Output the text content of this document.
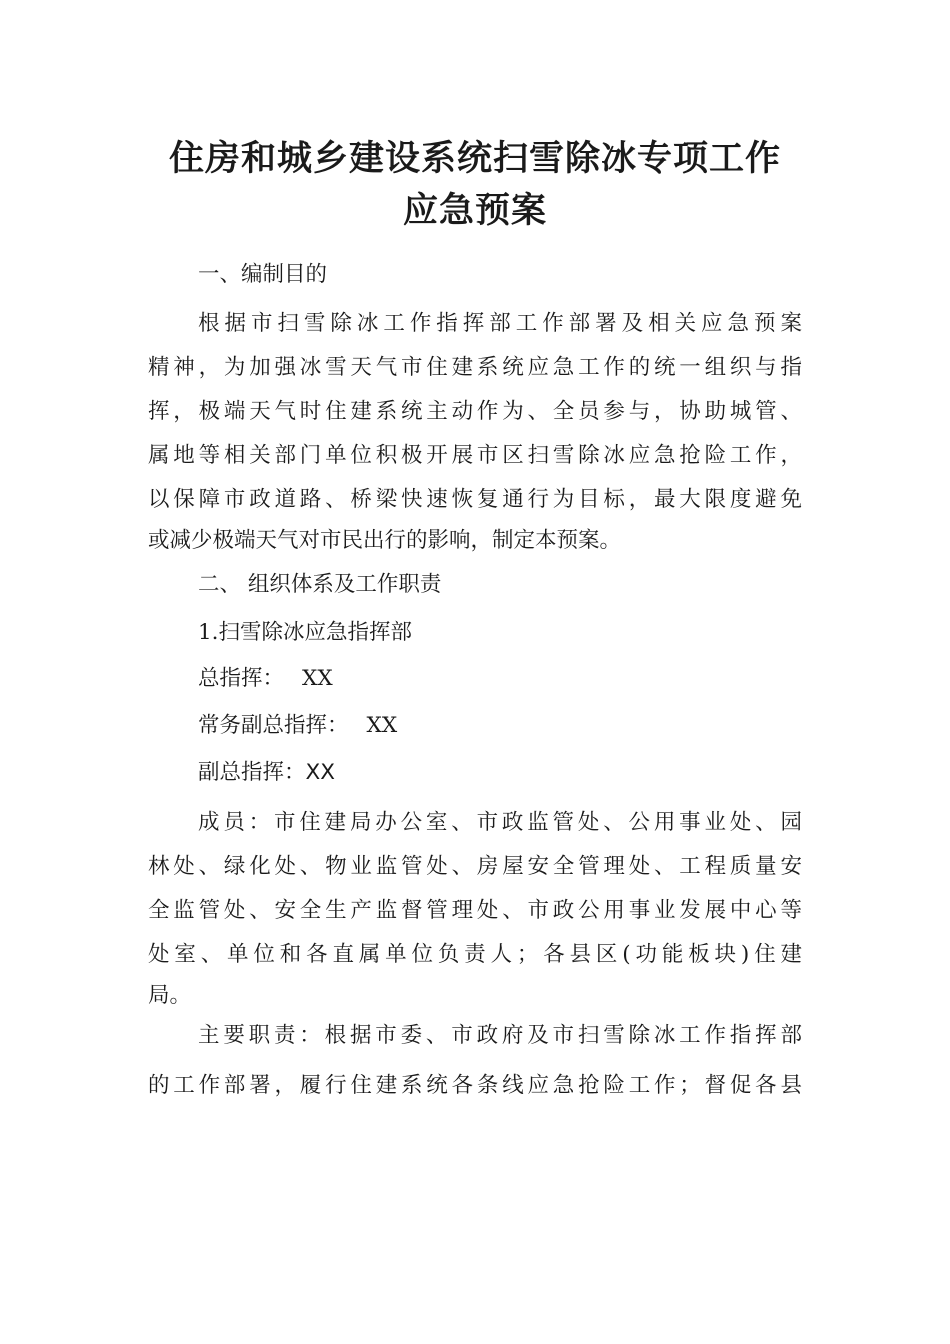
住房和城乡建设系统扫雪除冰专项工作
应急预案
一、编制目的
根据市扫雪除冰工作指挥部工作部署及相关应急预案
精神，为加强冰雪天气市住建系统应急工作的统一组织与指
挥，极端天气时住建系统主动作为、全员参与，协助城管、
属地等相关部门单位积极开展市区扫雪除冰应急抢险工作，
以保障市政道路、桥梁快速恢复通行为目标，最大限度避免
或减少极端天气对市民出行的影响，制定本预案。
二、 组织体系及工作职责
1.扫雪除冰应急指挥部
总指挥： XX
常务副总指挥： XX
副总指挥：XX
成员：市住建局办公室、市政监管处、公用事业处、园
林处、绿化处、物业监管处、房屋安全管理处、工程质量安
全监管处、安全生产监督管理处、市政公用事业发展中心等
处室、单位和各直属单位负责人；各县区(功能板块)住建
局。
主要职责：根据市委、市政府及市扫雪除冰工作指挥部
的工作部署，履行住建系统各条线应急抢险工作；督促各县
